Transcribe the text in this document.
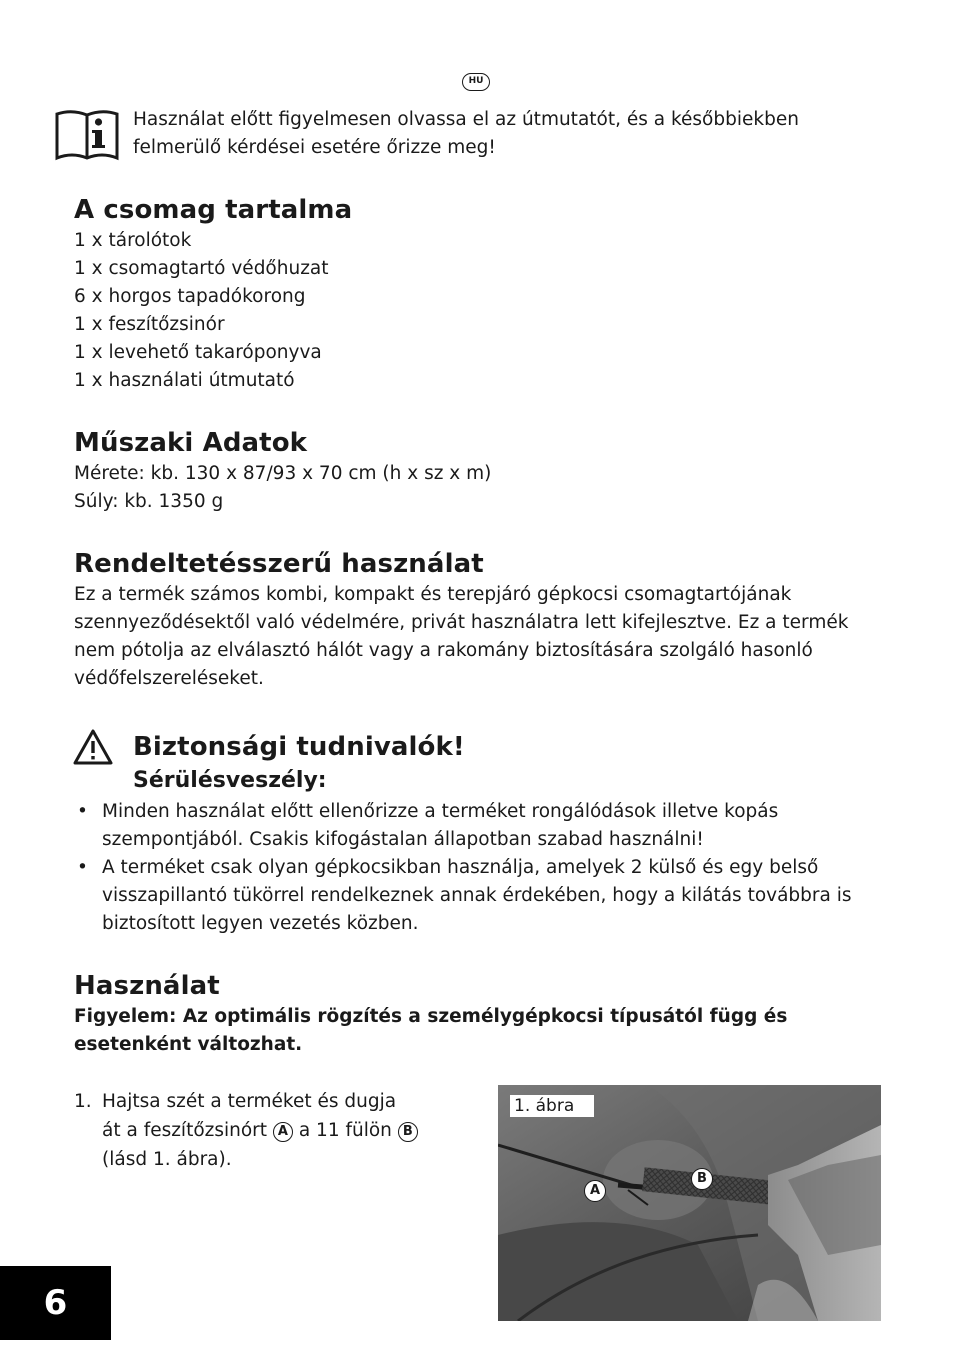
HU
Használat előtt figyelmesen olvassa el az útmutatót, és a későbbiekben
felmerülő kérdései esetére őrizze meg!
A csomag tartalma
1 x tárolótok
1 x csomagtartó védőhuzat
6 x horgos tapadókorong
1 x feszítőzsinór
1 x levehető takaróponyva
1 x használati útmutató
Műszaki Adatok
Mérete: kb. 130 x 87/93 x 70 cm (h x sz x m)
Súly: kb. 1350 g
Rendeltetésszerű használat
Ez a termék számos kombi, kompakt és terepjáró gépkocsi csomagtartójának
szennyeződésektől való védelmére, privát használatra lett kifejlesztve. Ez a termék
nem pótolja az elválasztó hálót vagy a rakomány biztosítására szolgáló hasonló
védőfelszereléseket.
Biztonsági tudnivalók!
Sérülésveszély:
• Minden használat előtt ellenőrizze a terméket rongálódások illetve kopás
szempontjából. Csakis kifogástalan állapotban szabad használni!
• A terméket csak olyan gépkocsikban használja, amelyek 2 külső és egy belső
visszapillantó tükörrel rendelkeznek annak érdekében, hogy a kilátás továbbra is
biztosított legyen vezetés közben.
Használat
Figyelem: Az optimális rögzítés a személygépkocsi típusától függ és
esetenként változhat.
1. Hajtsa szét a terméket és dugja
át a feszítőzsinórt A a 11 fülön B
(lásd 1. ábra).
1. ábra
A
B
6
